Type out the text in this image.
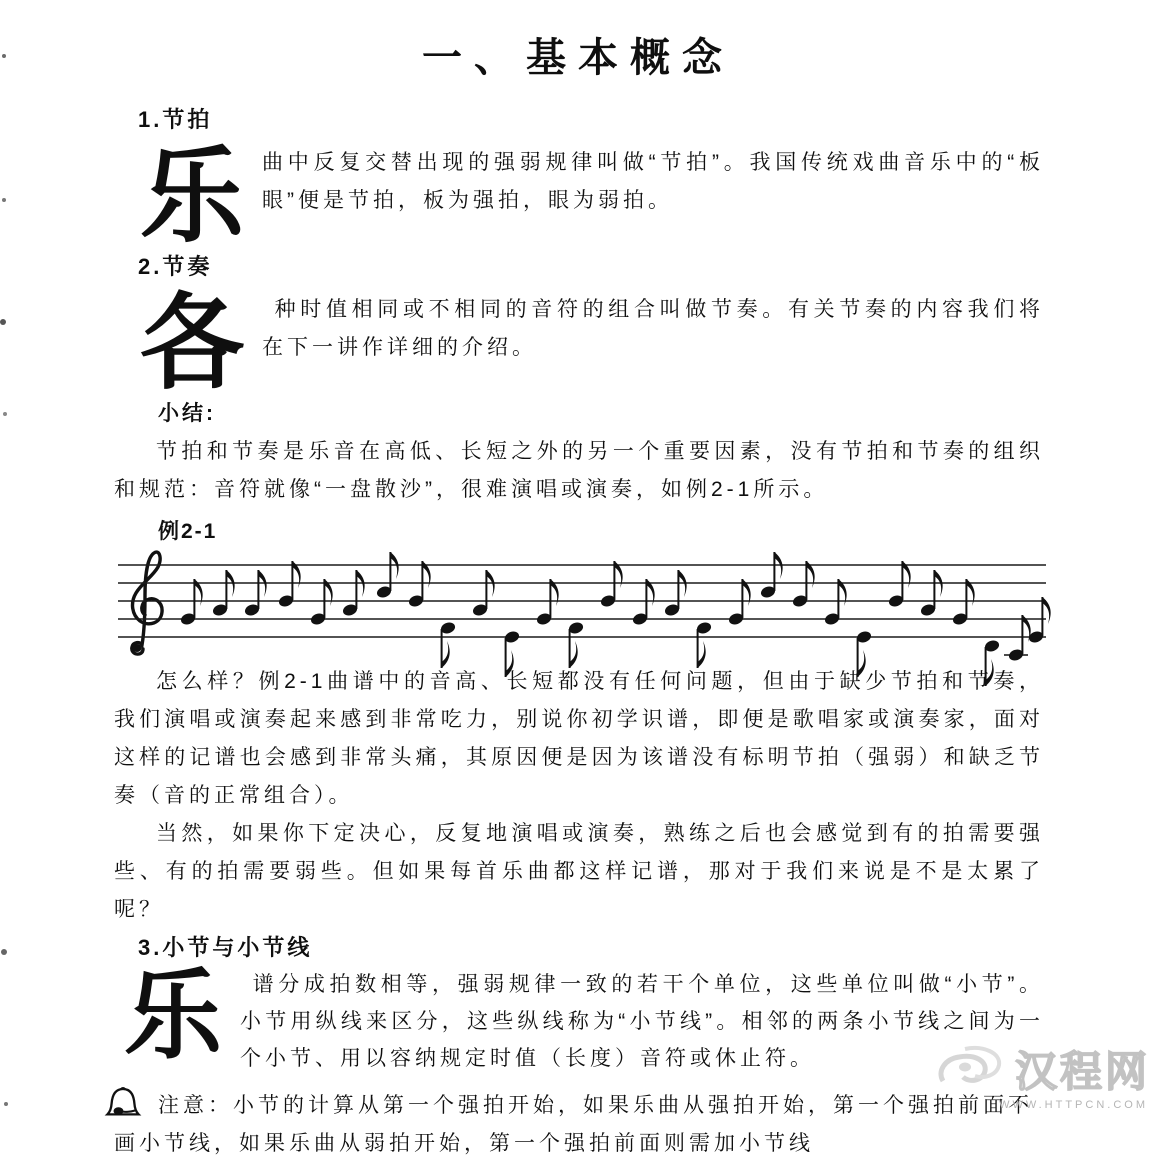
一、基本概念
1.节拍
乐 曲中反复交替出现的强弱规律叫做“节拍”。我国传统戏曲音乐中的“板眼”便是节拍，板为强拍，眼为弱拍。

2.节奏
各	种时值相同或不相同的音符的组合叫做节奏。有关节奏的内容我们将在下一讲作详细的介绍。

小结:

节拍和节奏是乐音在高低、长短之外的另一个重要因素，没有节拍和节奏的组织和规范：音符就像“一盘散沙”，很难演唱或演奏，如例2-1所示。

例2-1

怎么样？例2-1曲谱中的音高、长短都没有任何问题，但由于缺少节拍和节奏，我们演唱或演奏起来感到非常吃力，别说你初学识谱，即便是歌唱家或演奏家，面对这样的记谱也会感到非常头痛，其原因便是因为该谱没有标明节拍（强弱）和缺乏节奏（音的正常组合）。

当然，如果你下定决心，反复地演唱或演奏，熟练之后也会感觉到有的拍需要强些、有的拍需要弱些。但如果每首乐曲都这样记谱，那对于我们来说是不是太累了呢？

3.小节与小节线
乐	谱分成拍数相等，强弱规律一致的若干个单位，这些单位叫做“小节”。小节用纵线来区分，这些纵线称为“小节线”。相邻的两条小节线之间为一个小节、用以容纳规定时值（长度）音符或休止符。

注意：小节的计算从第一个强拍开始，如果乐曲从强拍开始，第一个强拍前面不

画小节线，如果乐曲从弱拍开始，第一个强拍前面则需加小节线

汉程网
WWW.HTTPCN.COM
